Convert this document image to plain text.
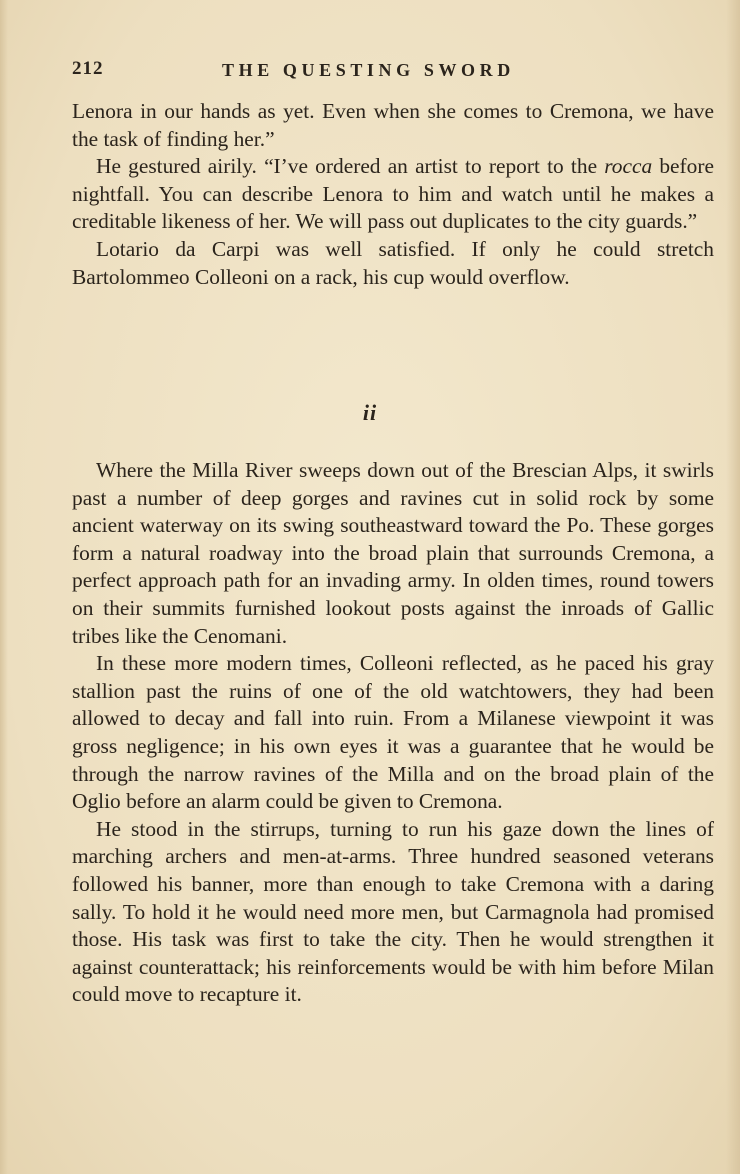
212	THE QUESTING SWORD

Lenora in our hands as yet. Even when she comes to Cremona, we have the task of finding her.”

He gestured airily. “I’ve ordered an artist to report to the rocca before nightfall. You can describe Lenora to him and watch until he makes a creditable likeness of her. We will pass out duplicates to the city guards.”

Lotario da Carpi was well satisfied. If only he could stretch Bartolommeo Colleoni on a rack, his cup would overflow.

ii

Where the Milla River sweeps down out of the Brescian Alps, it swirls past a number of deep gorges and ravines cut in solid rock by some ancient waterway on its swing southeastward toward the Po. These gorges form a natural roadway into the broad plain that surrounds Cremona, a perfect approach path for an invading army. In olden times, round towers on their summits furnished lookout posts against the inroads of Gallic tribes like the Cenomani.

In these more modern times, Colleoni reflected, as he paced his gray stallion past the ruins of one of the old watchtowers, they had been allowed to decay and fall into ruin. From a Milanese viewpoint it was gross negligence; in his own eyes it was a guarantee that he would be through the narrow ravines of the Milla and on the broad plain of the Oglio before an alarm could be given to Cremona.

He stood in the stirrups, turning to run his gaze down the lines of marching archers and men-at-arms. Three hundred seasoned veterans followed his banner, more than enough to take Cremona with a daring sally. To hold it he would need more men, but Carmagnola had promised those. His task was first to take the city. Then he would strengthen it against counterattack; his reinforcements would be with him before Milan could move to recapture it.
